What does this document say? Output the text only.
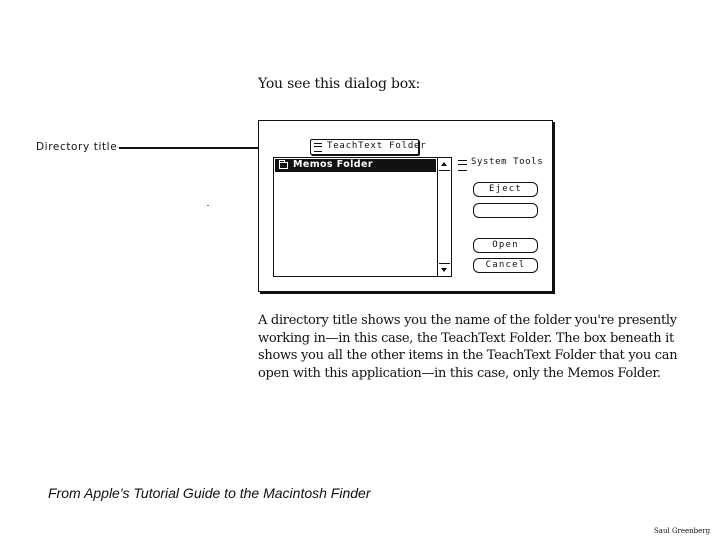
You see this dialog box:
Directory title	TeachText Folder
Memos Folder	System Tools
Eject
Open
Cancel
A directory title shows you the name of the folder you're presently
working in—in this case, the TeachText Folder. The box beneath it
shows you all the other items in the TeachText Folder that you can
open with this application—in this case, only the Memos Folder.
From Apple's Tutorial Guide to the Macintosh Finder
Saul Greenberg
